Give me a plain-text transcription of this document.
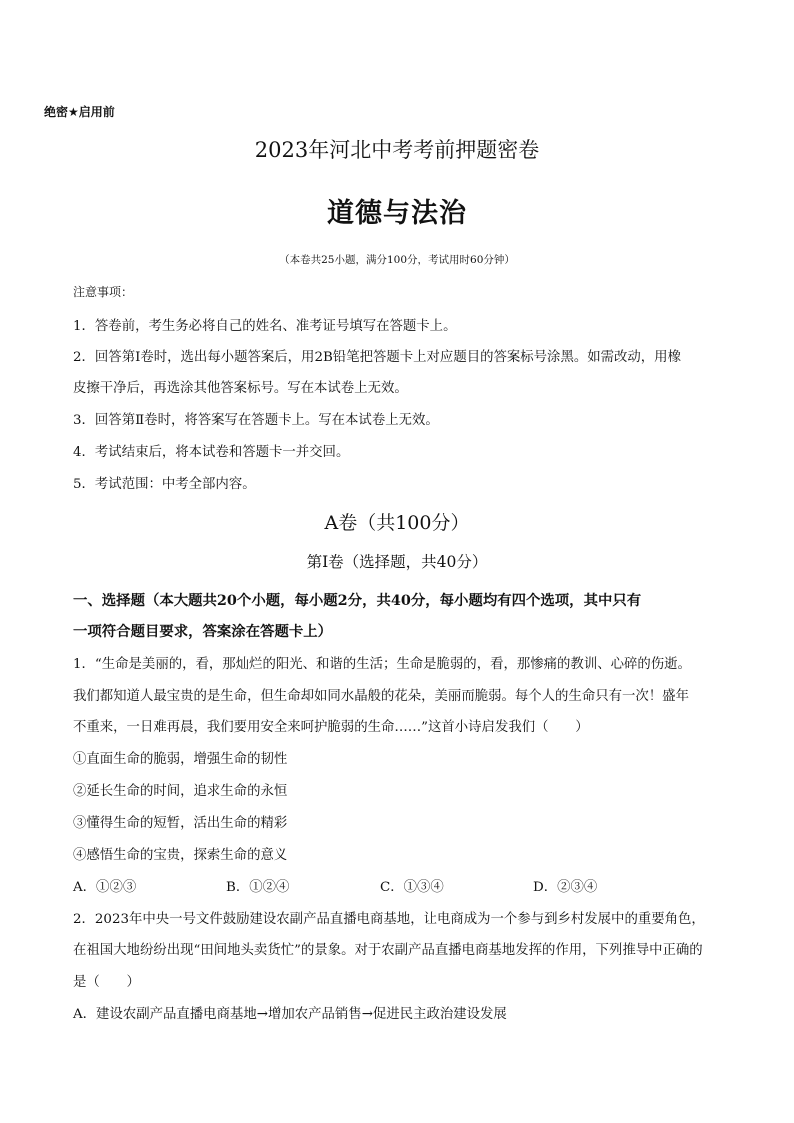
绝密★启用前
2023年河北中考考前押题密卷
道德与法治
（本卷共25小题，满分100分，考试用时60分钟）
注意事项：
1．答卷前，考生务必将自己的姓名、准考证号填写在答题卡上。
2．回答第Ⅰ卷时，选出每小题答案后，用2B铅笔把答题卡上对应题目的答案标号涂黑。如需改动，用橡
皮擦干净后，再选涂其他答案标号。写在本试卷上无效。
3．回答第Ⅱ卷时，将答案写在答题卡上。写在本试卷上无效。
4．考试结束后，将本试卷和答题卡一并交回。
5．考试范围：中考全部内容。
A卷（共100分）
第Ⅰ卷（选择题，共40分）
一、选择题（本大题共20个小题，每小题2分，共40分，每小题均有四个选项，其中只有
一项符合题目要求，答案涂在答题卡上）
1．“生命是美丽的，看，那灿烂的阳光、和谐的生活；生命是脆弱的，看，那惨痛的教训、心碎的伤逝。
我们都知道人最宝贵的是生命，但生命却如同水晶般的花朵，美丽而脆弱。每个人的生命只有一次！盛年
不重来，一日难再晨，我们要用安全来呵护脆弱的生命……”这首小诗启发我们（　　）
①直面生命的脆弱，增强生命的韧性
②延长生命的时间，追求生命的永恒
③懂得生命的短暂，活出生命的精彩
④感悟生命的宝贵，探索生命的意义
A．①②③	B．①②④	C．①③④	D．②③④
2．2023年中央一号文件鼓励建设农副产品直播电商基地，让电商成为一个参与到乡村发展中的重要角色，
在祖国大地纷纷出现“田间地头卖货忙”的景象。对于农副产品直播电商基地发挥的作用，下列推导中正确的
是（　　）
A．建设农副产品直播电商基地→增加农产品销售→促进民主政治建设发展
